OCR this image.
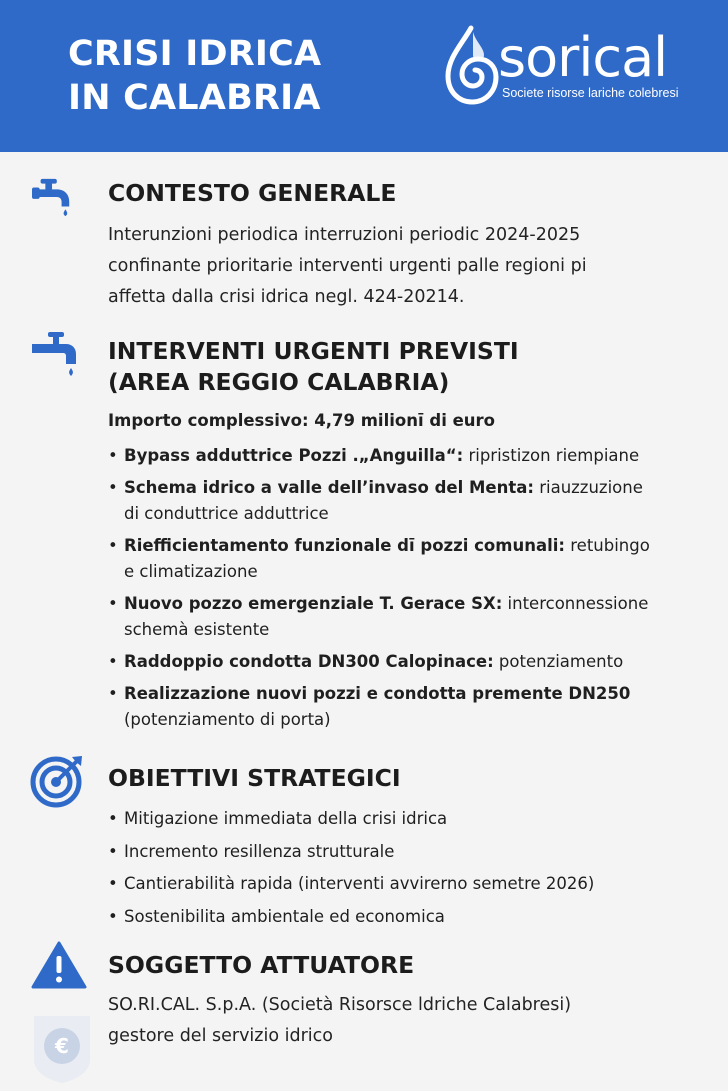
CRISI IDRICA
IN CALABRIA
sorical
Societe risorse lariche colebresi
CONTESTO GENERALE
Interunzioni periodica interruzioni periodic 2024-2025
confinante prioritarie interventi urgenti palle regioni pi
affetta dalla crisi idrica negl. 424-20214.
INTERVENTI URGENTI PREVISTI
(AREA REGGIO CALABRIA)
Importo complessivo: 4,79 milionī di euro
• Bypass adduttrice Pozzi .„Anguilla“: ripristizon riempiane
• Schema idrico a valle dell’invaso del Menta: riauzzuzione
di conduttrice adduttrice
• Riefficientamento funzionale dī pozzi comunali: retubingo
e climatizazione
• Nuovo pozzo emergenziale T. Gerace SX: interconnessione
schemà esistente
• Raddoppio condotta DN300 Calopinace: potenziamento
• Realizzazione nuovi pozzi e condotta premente DN250
(potenziamento di porta)
OBIETTIVI STRATEGICI
• Mitigazione immediata della crisi idrica
• Incremento resillenza strutturale
• Cantierabilità rapida (interventi avvirerno semetre 2026)
• Sostenibilita ambientale ed economica
SOGGETTO ATTUATORE
SO.RI.CAL. S.p.A. (Società Risorsce ldriche Calabresi)
gestore del servizio idrico
€
